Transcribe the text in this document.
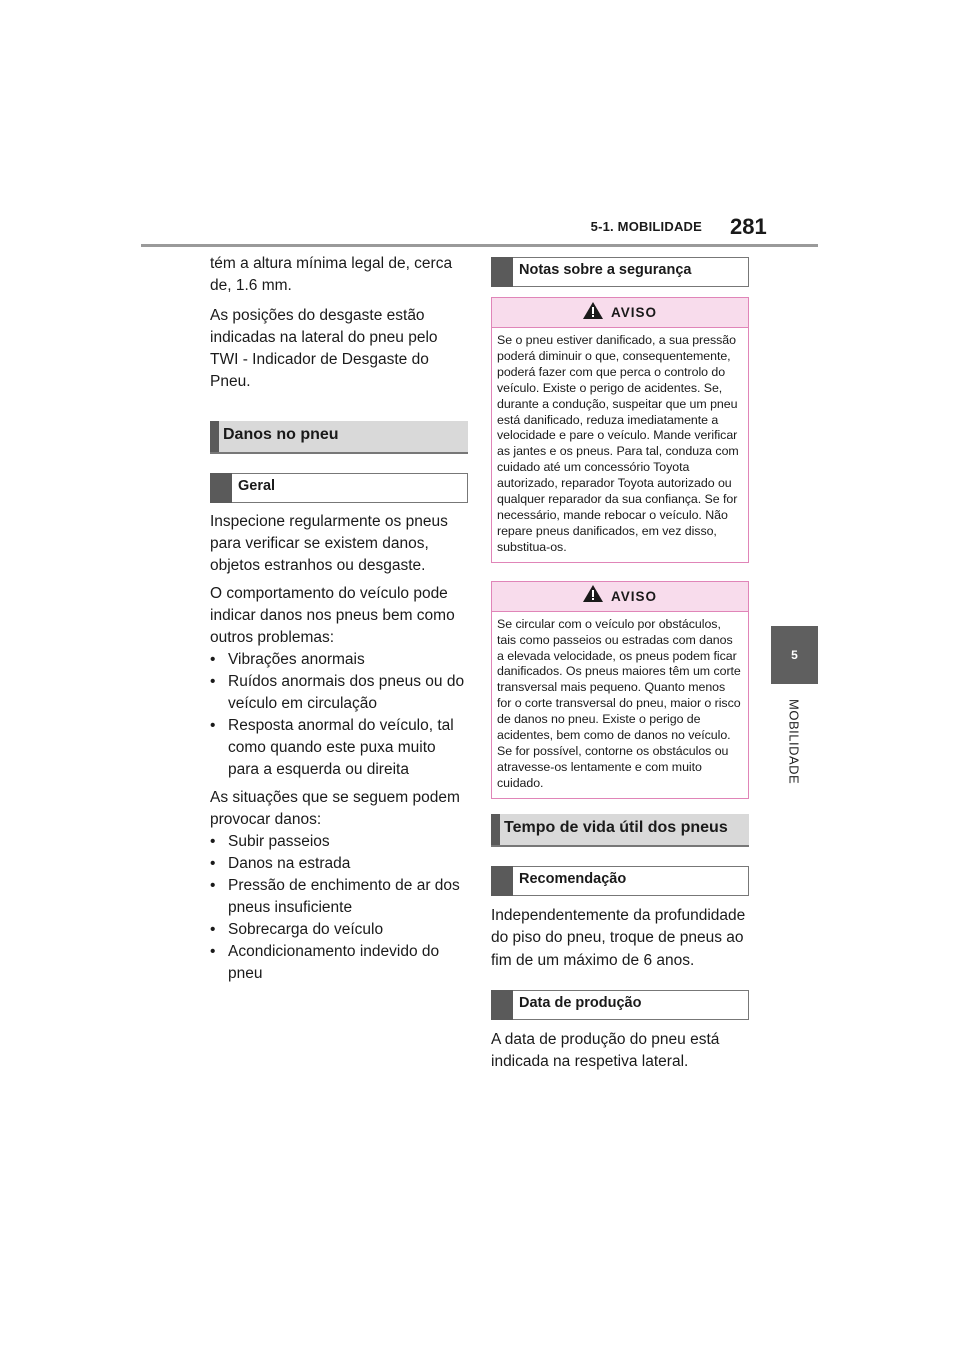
5-1. MOBILIDADE 281
5
MOBILIDADE

tém a altura mínima legal de, cerca
de, 1.6 mm.

As posições do desgaste estão indicadas na lateral do pneu pelo TWI - Indicador de Desgaste do Pneu.

Danos no pneu
Geral

Inspecione regularmente os pneus para verificar se existem danos, objetos estranhos ou desgaste.

O comportamento do veículo pode indicar danos nos pneus bem como outros problemas:

• Vibrações anormais
• Ruídos anormais dos pneus ou do veículo em circulação
• Resposta anormal do veículo, tal como quando este puxa muito para a esquerda ou direita

As situações que se seguem podem provocar danos:

• Subir passeios
• Danos na estrada
• Pressão de enchimento de ar dos pneus insuficiente
• Sobrecarga do veículo
• Acondicionamento indevido do pneu
Notas sobre a segurança
AVISO
Se o pneu estiver danificado, a sua pressão poderá diminuir o que, consequentemente, poderá fazer com que perca o controlo do veículo. Existe o perigo de acidentes. Se, durante a condução, suspeitar que um pneu está danificado, reduza imediatamente a velocidade e pare o veículo. Mande verificar as jantes e os pneus. Para tal, conduza com cuidado até um concessório Toyota autorizado, reparador Toyota autorizado ou qualquer reparador da sua confiança. Se for necessário, mande rebocar o veículo. Não repare pneus danificados, em vez disso, substitua-os.
AVISO
Se circular com o veículo por obstáculos, tais como passeios ou estradas com danos a elevada velocidade, os pneus podem ficar danificados. Os pneus maiores têm um corte transversal mais pequeno. Quanto menos for o corte transversal do pneu, maior o risco de danos no pneu. Existe o perigo de acidentes, bem como de danos no veículo. Se for possível, contorne os obstáculos ou atravesse-os lentamente e com muito cuidado.
Tempo de vida útil dos pneus
Recomendação

Independentemente da profundidade do piso do pneu, troque de pneus ao fim de um máximo de 6 anos.

Data de produção

A data de produção do pneu está indicada na respetiva lateral.
